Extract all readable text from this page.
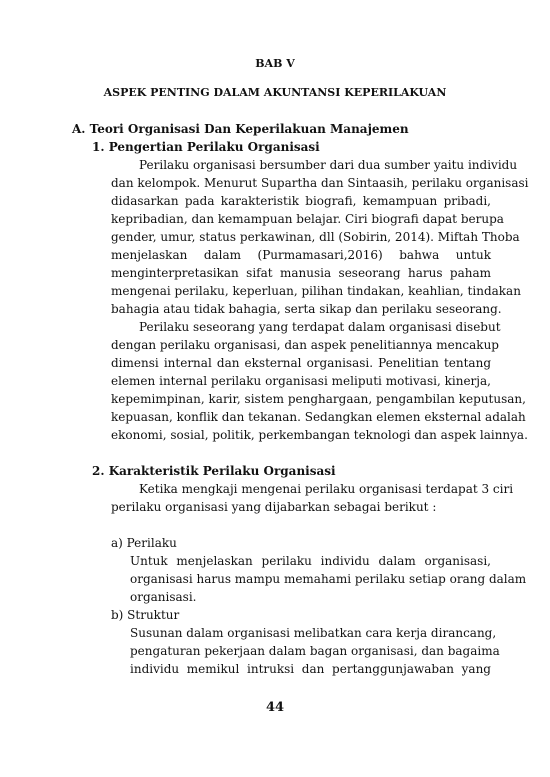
BAB V
ASPEK PENTING DALAM AKUNTANSI KEPERILAKUAN
A. Teori Organisasi Dan Keperilakuan Manajemen
1. Pengertian Perilaku Organisasi
Perilaku organisasi bersumber dari dua sumber yaitu individu
dan kelompok. Menurut Supartha dan Sintaasih, perilaku organisasi
didasarkan pada karakteristik biografi, kemampuan pribadi,
kepribadian, dan kemampuan belajar. Ciri biografi dapat berupa
gender, umur, status perkawinan, dll (Sobirin, 2014). Miftah Thoba
menjelaskan dalam (Purmamasari,2016) bahwa untuk
menginterpretasikan sifat manusia seseorang harus paham
mengenai perilaku, keperluan, pilihan tindakan, keahlian, tindakan
bahagia atau tidak bahagia, serta sikap dan perilaku seseorang.
Perilaku seseorang yang terdapat dalam organisasi disebut
dengan perilaku organisasi, dan aspek penelitiannya mencakup
dimensi internal dan eksternal organisasi. Penelitian tentang
elemen internal perilaku organisasi meliputi motivasi, kinerja,
kepemimpinan, karir, sistem penghargaan, pengambilan keputusan,
kepuasan, konflik dan tekanan. Sedangkan elemen eksternal adalah
ekonomi, sosial, politik, perkembangan teknologi dan aspek lainnya.
2. Karakteristik Perilaku Organisasi
Ketika mengkaji mengenai perilaku organisasi terdapat 3 ciri
perilaku organisasi yang dijabarkan sebagai berikut :
a) Perilaku
Untuk menjelaskan perilaku individu dalam organisasi,
organisasi harus mampu memahami perilaku setiap orang dalam
organisasi.
b) Struktur
Susunan dalam organisasi melibatkan cara kerja dirancang,
pengaturan pekerjaan dalam bagan organisasi, dan bagaima
individu memikul intruksi dan pertanggunjawaban yang
44
